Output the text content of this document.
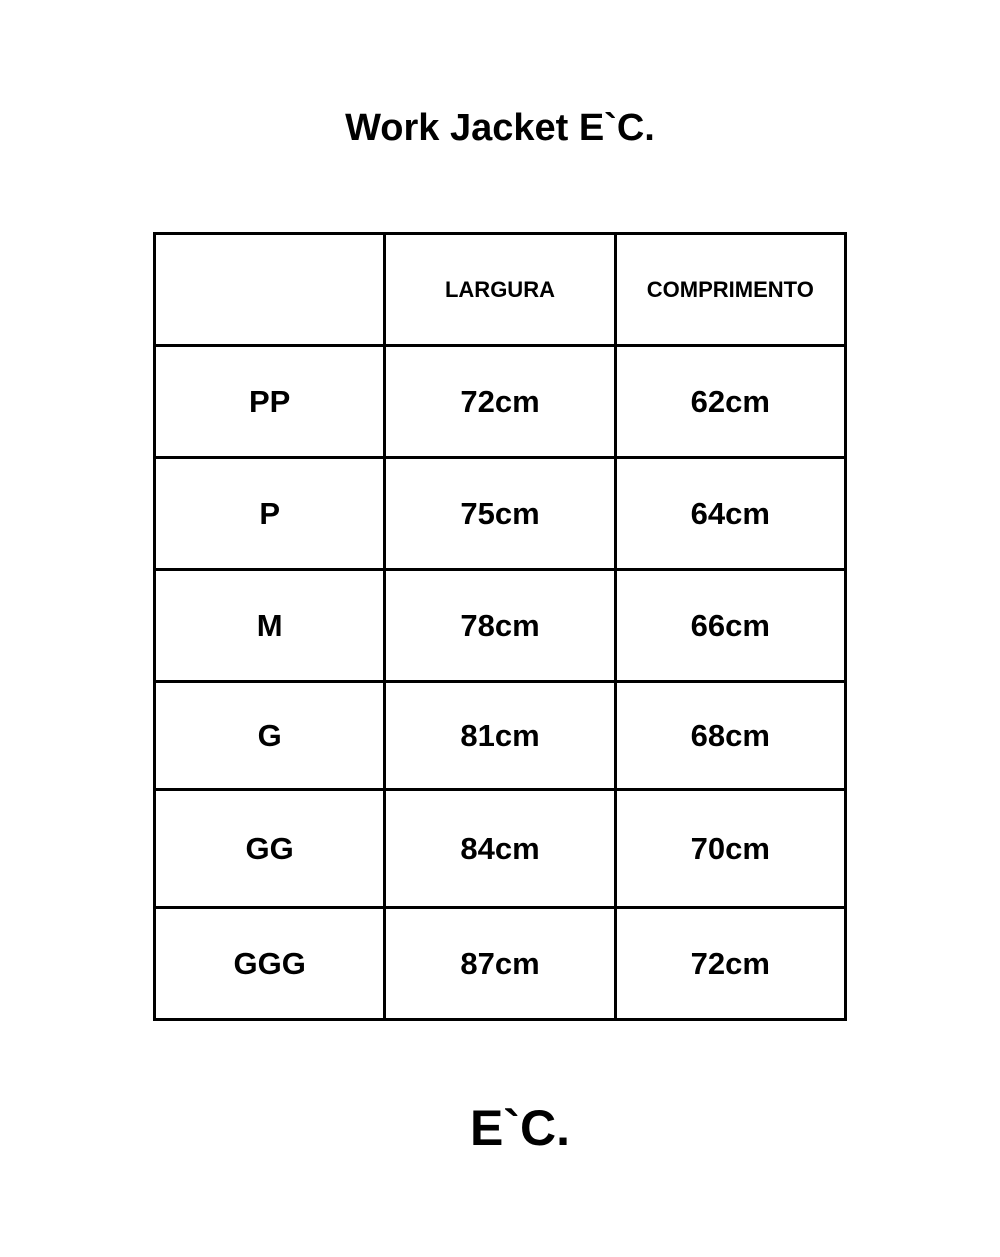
Work Jacket E`C.
	LARGURA	COMPRIMENTO
PP	72cm	62cm
P	75cm	64cm
M	78cm	66cm
G	81cm	68cm
GG	84cm	70cm
GGG	87cm	72cm
E`C.
